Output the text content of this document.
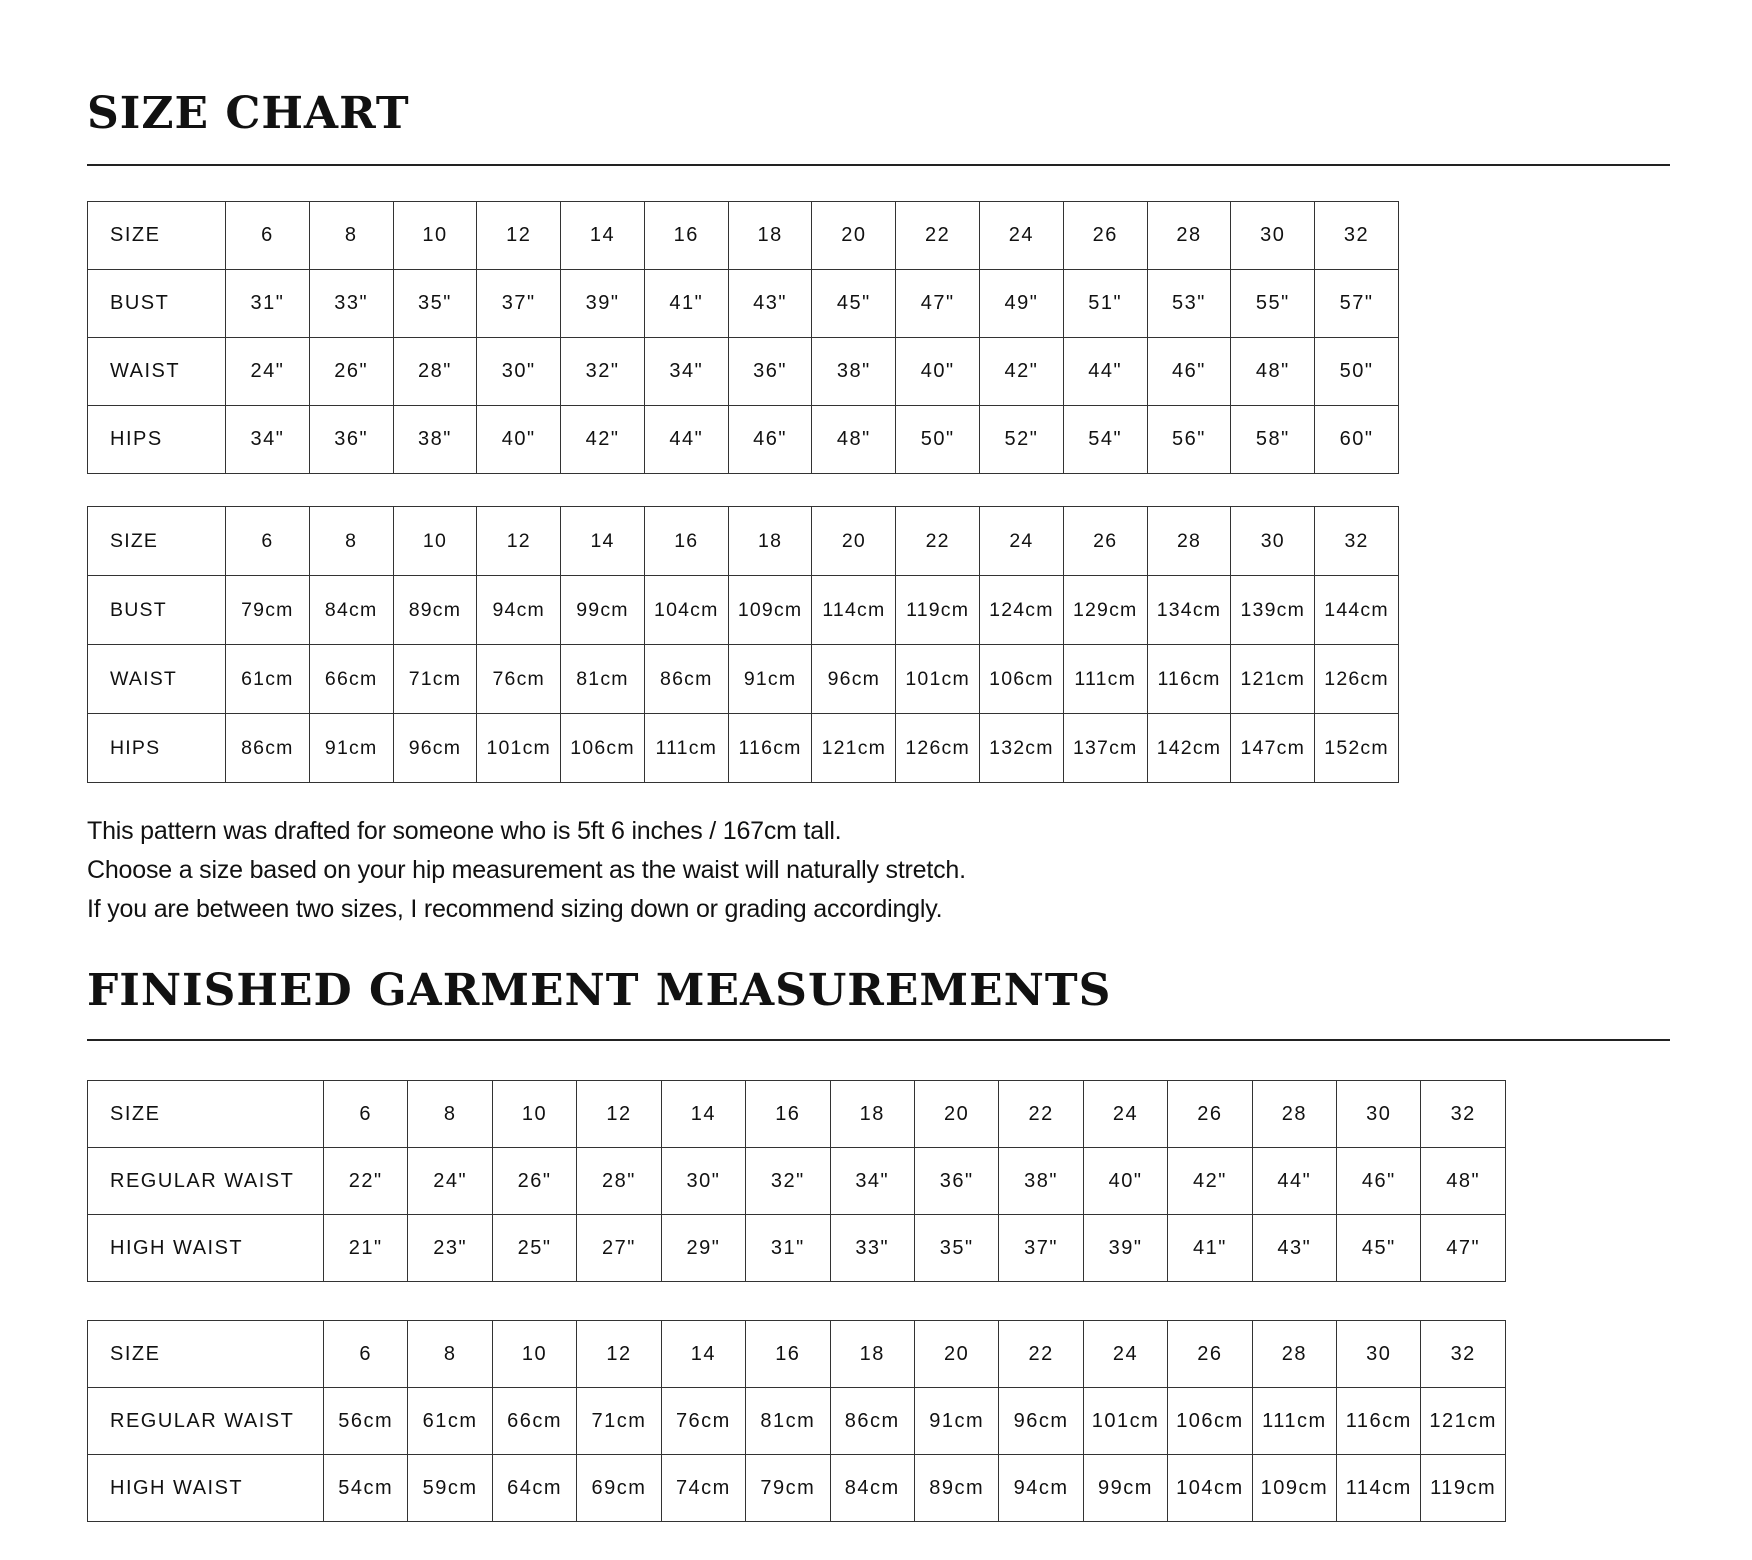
SIZE CHART
SIZE	6	8	10	12	14	16	18	20	22	24	26	28	30	32
BUST	31"	33"	35"	37"	39"	41"	43"	45"	47"	49"	51"	53"	55"	57"
WAIST	24"	26"	28"	30"	32"	34"	36"	38"	40"	42"	44"	46"	48"	50"
HIPS	34"	36"	38"	40"	42"	44"	46"	48"	50"	52"	54"	56"	58"	60"
SIZE	6	8	10	12	14	16	18	20	22	24	26	28	30	32
BUST	79cm	84cm	89cm	94cm	99cm	104cm	109cm	114cm	119cm	124cm	129cm	134cm	139cm	144cm
WAIST	61cm	66cm	71cm	76cm	81cm	86cm	91cm	96cm	101cm	106cm	111cm	116cm	121cm	126cm
HIPS	86cm	91cm	96cm	101cm	106cm	111cm	116cm	121cm	126cm	132cm	137cm	142cm	147cm	152cm
This pattern was drafted for someone who is 5ft 6 inches / 167cm tall.
Choose a size based on your hip measurement as the waist will naturally stretch.
If you are between two sizes, I recommend sizing down or grading accordingly.
FINISHED GARMENT MEASUREMENTS
SIZE	6	8	10	12	14	16	18	20	22	24	26	28	30	32
REGULAR WAIST	22"	24"	26"	28"	30"	32"	34"	36"	38"	40"	42"	44"	46"	48"
HIGH WAIST	21"	23"	25"	27"	29"	31"	33"	35"	37"	39"	41"	43"	45"	47"
SIZE	6	8	10	12	14	16	18	20	22	24	26	28	30	32
REGULAR WAIST	56cm	61cm	66cm	71cm	76cm	81cm	86cm	91cm	96cm	101cm	106cm	111cm	116cm	121cm
HIGH WAIST	54cm	59cm	64cm	69cm	74cm	79cm	84cm	89cm	94cm	99cm	104cm	109cm	114cm	119cm
